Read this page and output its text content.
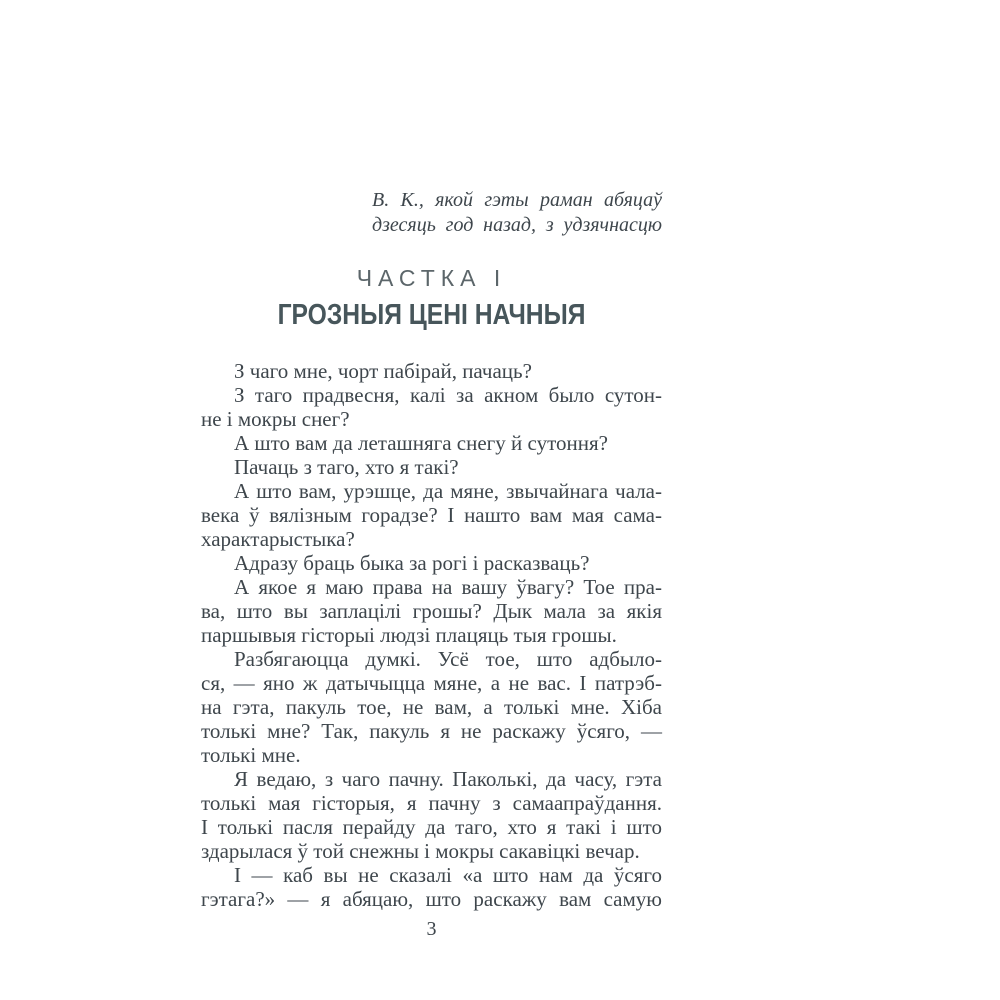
В. К., якой гэты раман абяцаў
дзесяць год назад, з удзячнасцю
ЧАСТКА I
ГРОЗНЫЯ ЦЕНІ НАЧНЫЯ
З чаго мне, чорт пабірай, пачаць?
З таго прадвесня, калі за акном было сутон-
не і мокры снег?
А што вам да леташняга снегу й сутоння?
Пачаць з таго, хто я такі?
А што вам, урэшце, да мяне, звычайнага чала-
века ў вялізным горадзе? І нашто вам мая сама-
характарыстыка?
Адразу браць быка за рогі і расказваць?
А якое я маю права на вашу ўвагу? Тое пра-
ва, што вы заплацілі грошы? Дык мала за якія
паршывыя гісторыі людзі плацяць тыя грошы.
Разбягаюцца думкі. Усё тое, што адбыло-
ся, — яно ж датычыцца мяне, а не вас. І патрэб-
на гэта, пакуль тое, не вам, а толькі мне. Хіба
толькі мне? Так, пакуль я не раскажу ўсяго, —
толькі мне.
Я ведаю, з чаго пачну. Паколькі, да часу, гэта
толькі мая гісторыя, я пачну з самаапраўдання.
І толькі пасля перайду да таго, хто я такі і што
здарылася ў той снежны і мокры сакавіцкі вечар.
І — каб вы не сказалі «а што нам да ўсяго
гэтага?» — я абяцаю, што раскажу вам самую
3
